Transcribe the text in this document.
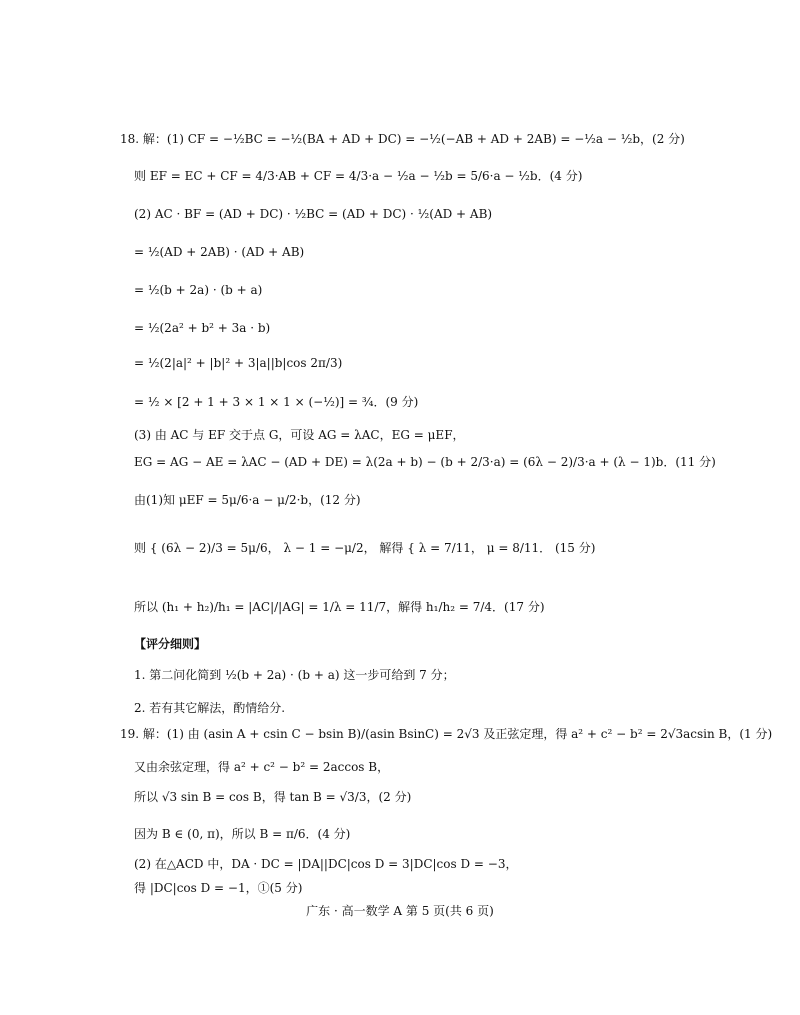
18. 解：(1) CF = −½BC = −½(BA + AD + DC) = −½(−AB + AD + 2AB) = −½a − ½b，(2 分)
则 EF = EC + CF = 4/3·AB + CF = 4/3·a − ½a − ½b = 5/6·a − ½b．(4 分)
(2) AC · BF = (AD + DC) · ½BC = (AD + DC) · ½(AD + AB)
= ½(AD + 2AB) · (AD + AB)
= ½(b + 2a) · (b + a)
= ½(2a² + b² + 3a · b)
= ½(2|a|² + |b|² + 3|a||b|cos 2π/3)
= ½ × [2 + 1 + 3 × 1 × 1 × (−½)] = ¾．(9 分)
(3) 由 AC 与 EF 交于点 G，可设 AG = λAC，EG = μEF，
EG = AG − AE = λAC − (AD + DE) = λ(2a + b) − (b + 2/3·a) = (6λ − 2)/3·a + (λ − 1)b．(11 分)
由(1)知 μEF = 5μ/6·a − μ/2·b，(12 分)
则 { (6λ − 2)/3 = 5μ/6， λ − 1 = −μ/2， 解得 { λ = 7/11， μ = 8/11． (15 分)
所以 (h₁ + h₂)/h₁ = |AC|/|AG| = 1/λ = 11/7，解得 h₁/h₂ = 7/4．(17 分)
【评分细则】
1. 第二问化简到 ½(b + 2a) · (b + a) 这一步可给到 7 分；
2. 若有其它解法，酌情给分.
19. 解：(1) 由 (asin A + csin C − bsin B)/(asin BsinC) = 2√3 及正弦定理，得 a² + c² − b² = 2√3acsin B，(1 分)
又由余弦定理，得 a² + c² − b² = 2accos B，
所以 √3 sin B = cos B，得 tan B = √3/3，(2 分)
因为 B ∈ (0, π)，所以 B = π/6．(4 分)
(2) 在△ACD 中，DA · DC = |DA||DC|cos D = 3|DC|cos D = −3，
得 |DC|cos D = −1，①(5 分)
广东 · 高一数学 A 第 5 页(共 6 页)
